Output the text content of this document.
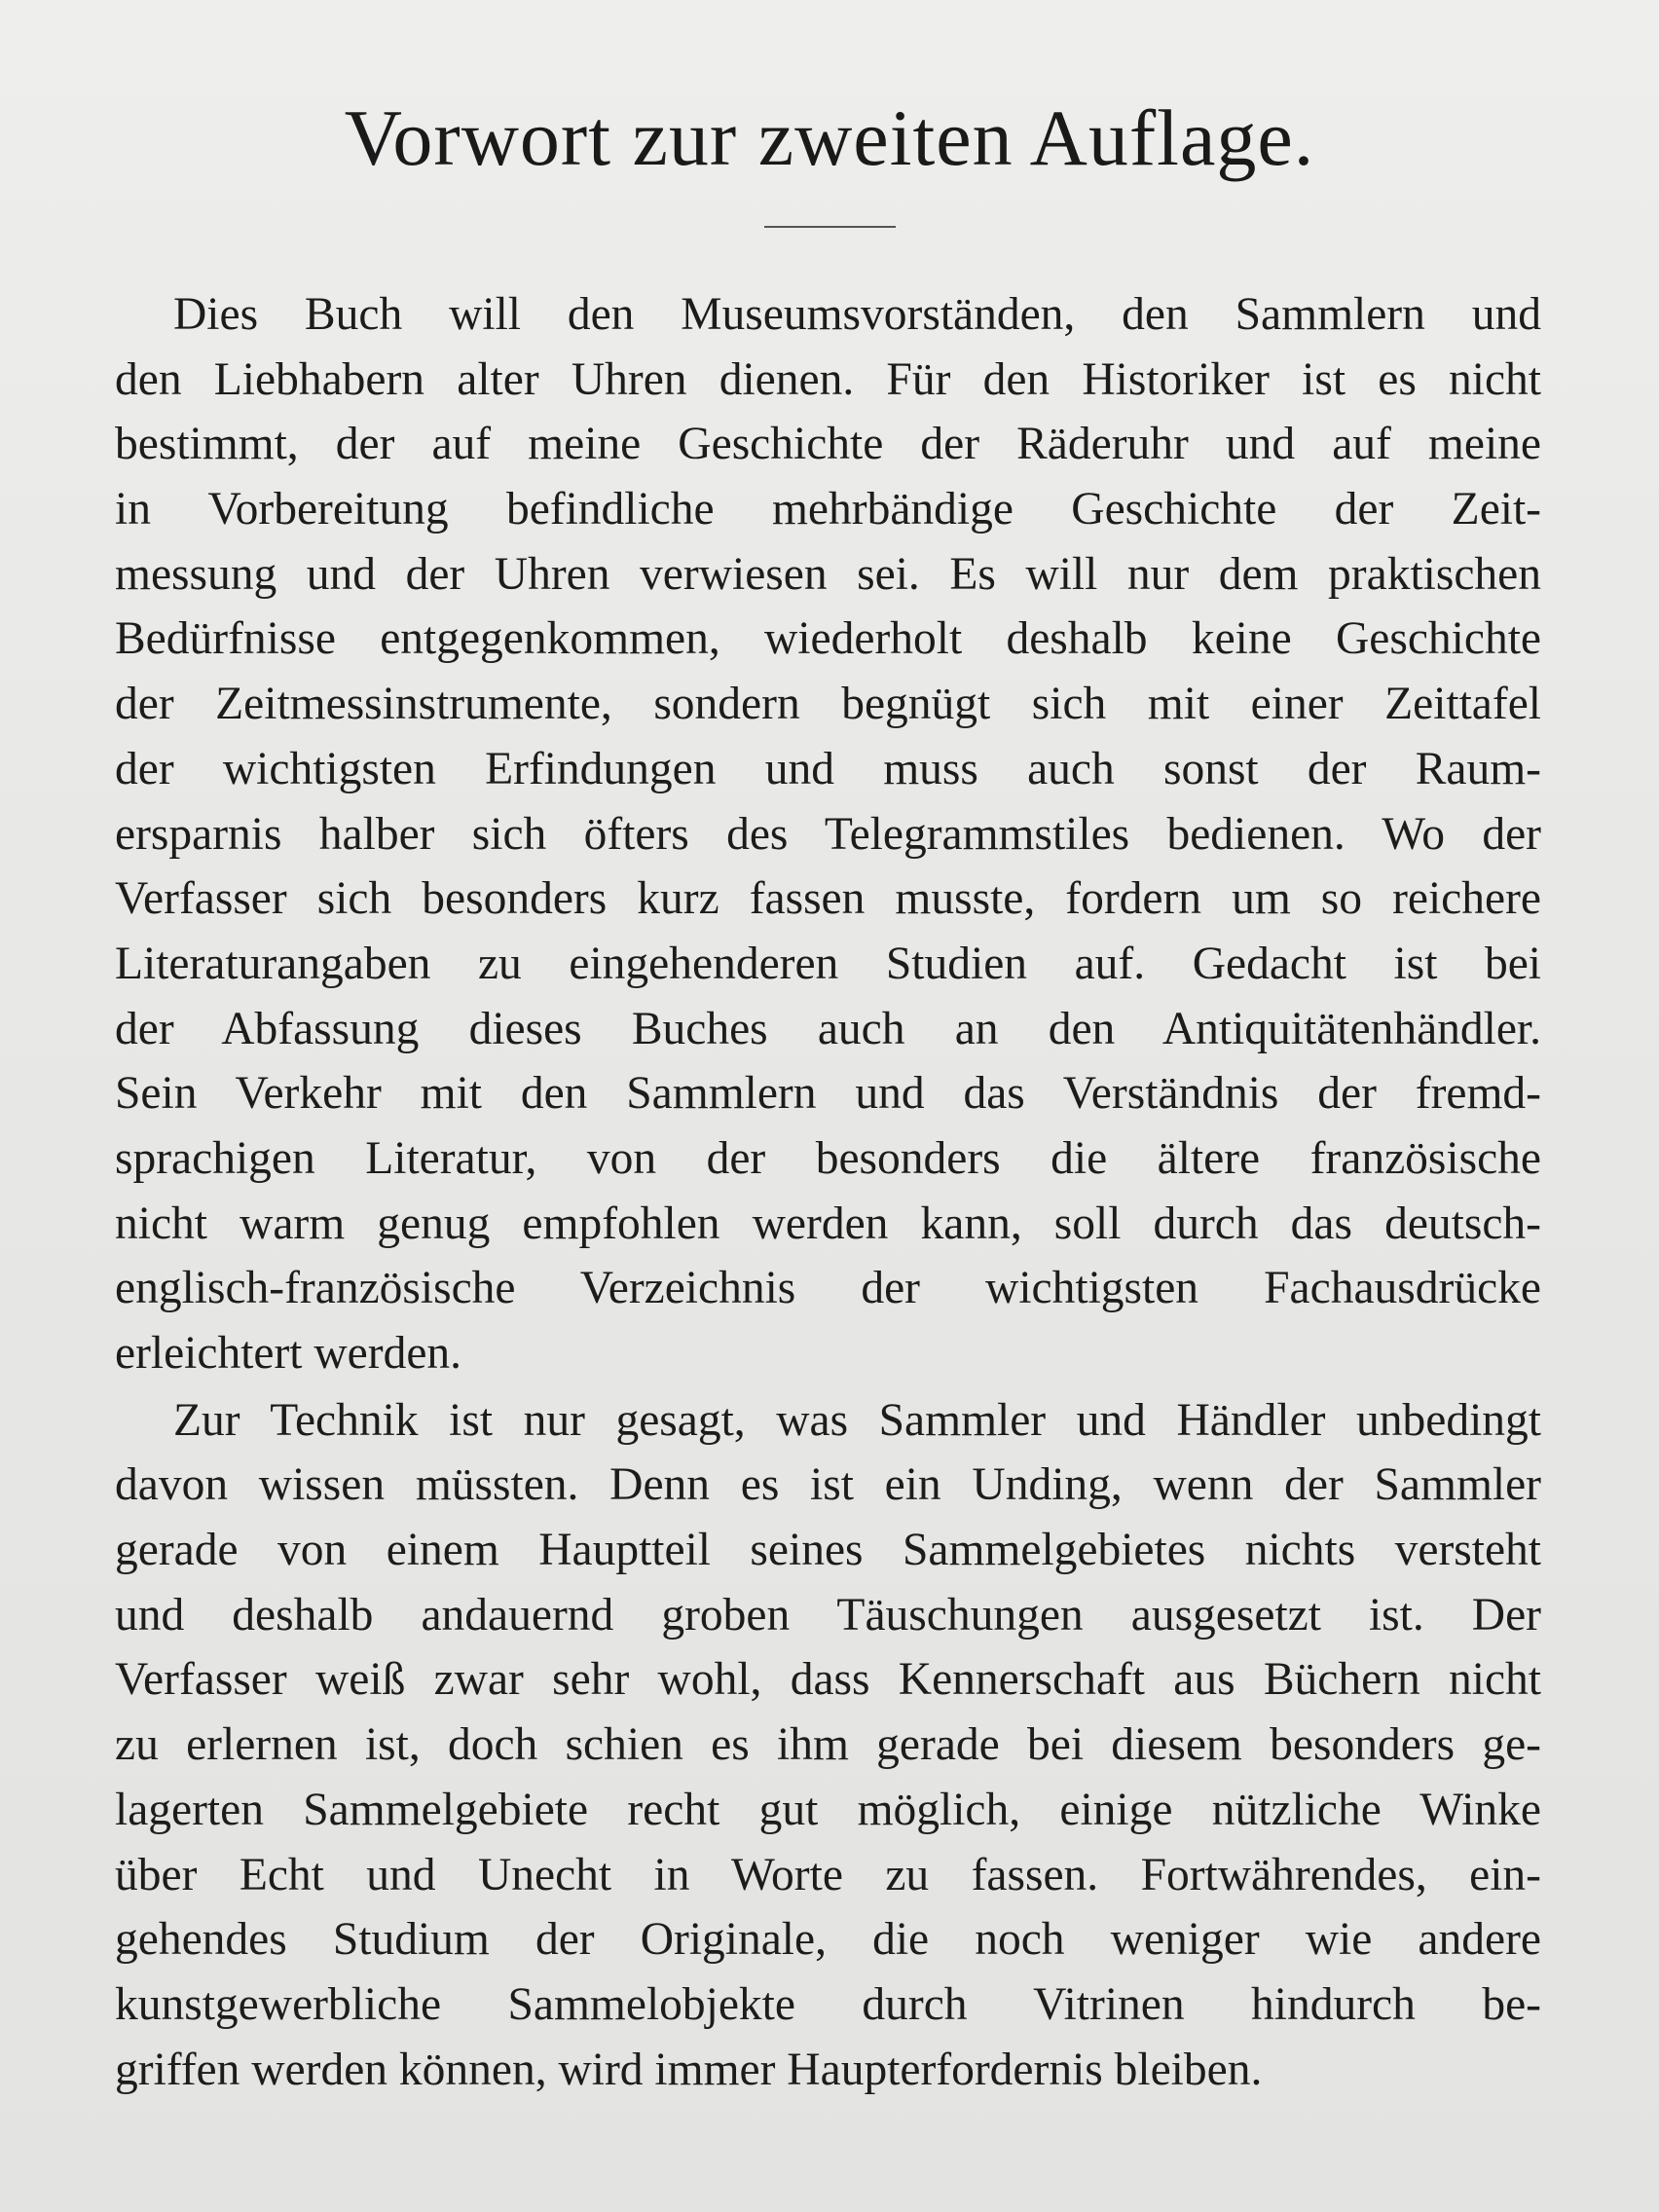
Vorwort zur zweiten Auflage.
Dies Buch will den Museumsvorständen, den Sammlern und
den Liebhabern alter Uhren dienen. Für den Historiker ist es nicht
bestimmt, der auf meine Geschichte der Räderuhr und auf meine
in Vorbereitung befindliche mehrbändige Geschichte der Zeit-
messung und der Uhren verwiesen sei. Es will nur dem praktischen
Bedürfnisse entgegenkommen, wiederholt deshalb keine Geschichte
der Zeitmessinstrumente, sondern begnügt sich mit einer Zeittafel
der wichtigsten Erfindungen und muss auch sonst der Raum-
ersparnis halber sich öfters des Telegrammstiles bedienen. Wo der
Verfasser sich besonders kurz fassen musste, fordern um so reichere
Literaturangaben zu eingehenderen Studien auf. Gedacht ist bei
der Abfassung dieses Buches auch an den Antiquitätenhändler.
Sein Verkehr mit den Sammlern und das Verständnis der fremd-
sprachigen Literatur, von der besonders die ältere französische
nicht warm genug empfohlen werden kann, soll durch das deutsch-
englisch-französische Verzeichnis der wichtigsten Fachausdrücke
erleichtert werden.
Zur Technik ist nur gesagt, was Sammler und Händler unbedingt
davon wissen müssten. Denn es ist ein Unding, wenn der Sammler
gerade von einem Hauptteil seines Sammelgebietes nichts versteht
und deshalb andauernd groben Täuschungen ausgesetzt ist. Der
Verfasser weiß zwar sehr wohl, dass Kennerschaft aus Büchern nicht
zu erlernen ist, doch schien es ihm gerade bei diesem besonders ge-
lagerten Sammelgebiete recht gut möglich, einige nützliche Winke
über Echt und Unecht in Worte zu fassen. Fortwährendes, ein-
gehendes Studium der Originale, die noch weniger wie andere
kunstgewerbliche Sammelobjekte durch Vitrinen hindurch be-
griffen werden können, wird immer Haupterfordernis bleiben.
